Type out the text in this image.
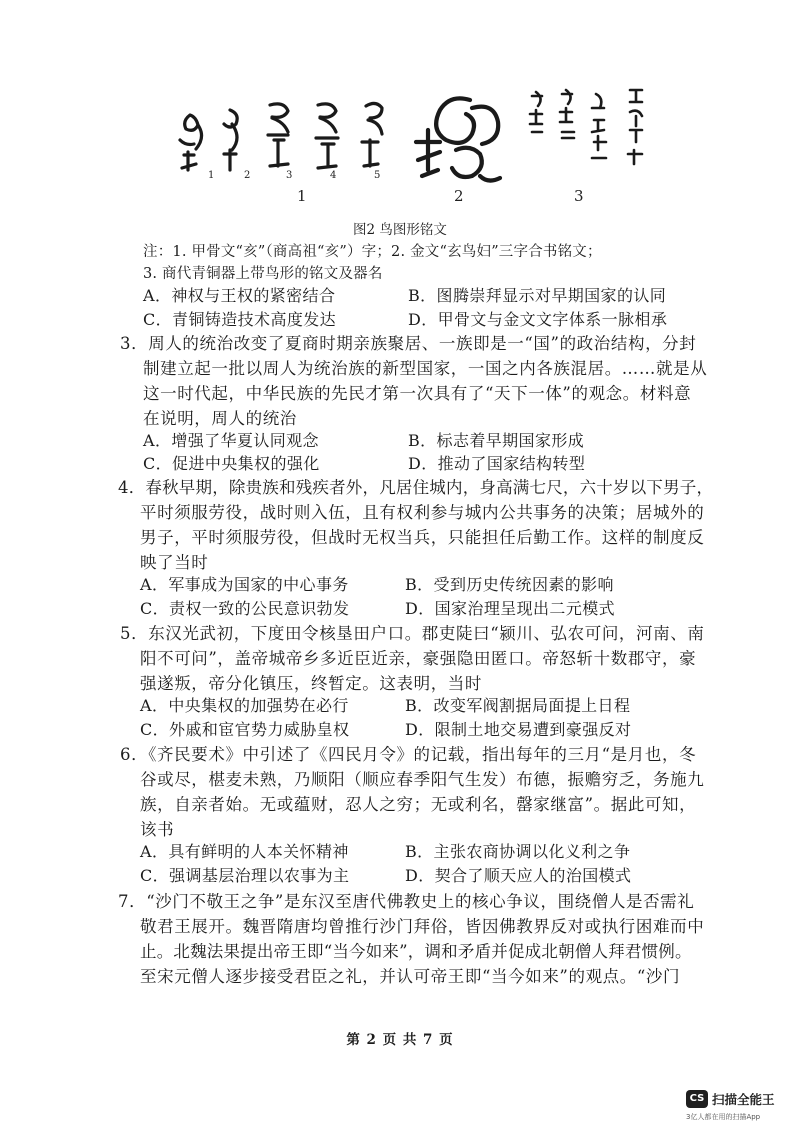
1	2	3	4	5
1	2	3
图2 鸟图形铭文
注：1. 甲骨文“亥”（商高祖“亥”）字；2. 金文“玄鸟妇”三字合书铭文；
3. 商代青铜器上带鸟形的铭文及器名
A．神权与王权的紧密结合	B．图腾崇拜显示对早期国家的认同
C．青铜铸造技术高度发达	D．甲骨文与金文文字体系一脉相承
3．周人的统治改变了夏商时期亲族聚居、一族即是一“国”的政治结构，分封
制建立起一批以周人为统治族的新型国家，一国之内各族混居。……就是从
这一时代起，中华民族的先民才第一次具有了“天下一体”的观念。材料意
在说明，周人的统治
A．增强了华夏认同观念	B．标志着早期国家形成
C．促进中央集权的强化	D．推动了国家结构转型
4．春秋早期，除贵族和残疾者外，凡居住城内，身高满七尺，六十岁以下男子，
平时须服劳役，战时则入伍，且有权利参与城内公共事务的决策；居城外的
男子，平时须服劳役，但战时无权当兵，只能担任后勤工作。这样的制度反
映了当时
A．军事成为国家的中心事务	B．受到历史传统因素的影响
C．责权一致的公民意识勃发	D．国家治理呈现出二元模式
5．东汉光武初，下度田令核垦田户口。郡吏陡曰“颍川、弘农可问，河南、南
阳不可问”，盖帝城帝乡多近臣近亲，豪强隐田匿口。帝怒斩十数郡守，豪
强遂叛，帝分化镇压，终暂定。这表明，当时
A．中央集权的加强势在必行	B．改变军阀割据局面提上日程
C．外戚和宦官势力威胁皇权	D．限制土地交易遭到豪强反对
6．《齐民要术》中引述了《四民月令》的记载，指出每年的三月“是月也，冬
谷或尽，椹麦未熟，乃顺阳（顺应春季阳气生发）布德，振赡穷乏，务施九
族，自亲者始。无或蕴财，忍人之穷；无或利名，罄家继富”。据此可知，
该书
A．具有鲜明的人本关怀精神	B．主张农商协调以化义利之争
C．强调基层治理以农事为主	D．契合了顺天应人的治国模式
7．“沙门不敬王之争”是东汉至唐代佛教史上的核心争议，围绕僧人是否需礼
敬君王展开。魏晋隋唐均曾推行沙门拜俗，皆因佛教界反对或执行困难而中
止。北魏法果提出帝王即“当今如来”，调和矛盾并促成北朝僧人拜君惯例。
至宋元僧人逐步接受君臣之礼，并认可帝王即“当今如来”的观点。“沙门
第 2 页 共 7 页
CS 扫描全能王
3亿人都在用的扫描App
